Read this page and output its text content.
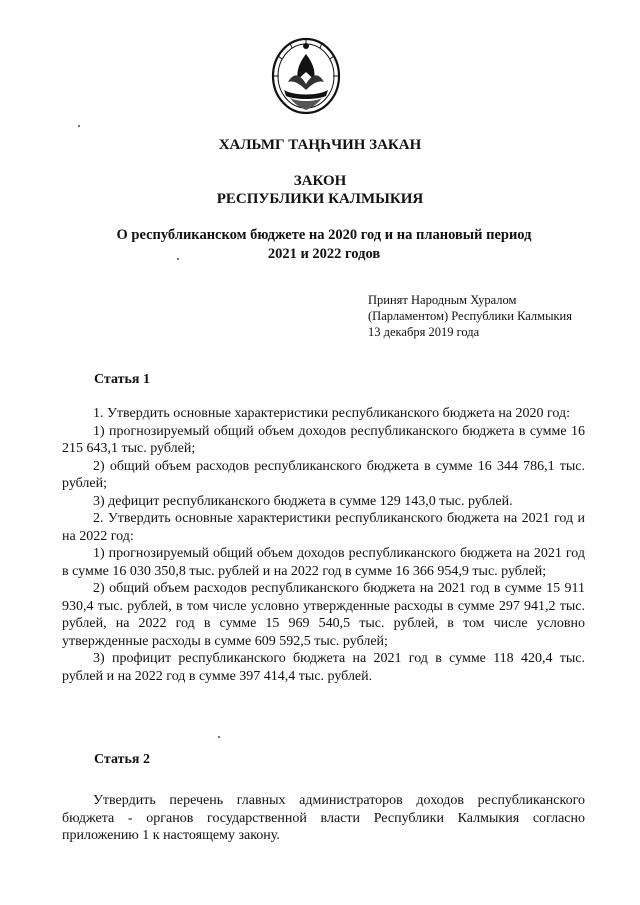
ХАЛЬМГ ТАҢҺЧИН ЗАКАН
ЗАКОН
РЕСПУБЛИКИ КАЛМЫКИЯ
О республиканском бюджете на 2020 год и на плановый период
2021 и 2022 годов
Принят Народным Хуралом
(Парламентом) Республики Калмыкия
13 декабря 2019 года
Статья 1

1. Утвердить основные характеристики республиканского бюджета на 2020 год:

1) прогнозируемый общий объем доходов республиканского бюджета в сумме 16 215 643,1 тыс. рублей;

2) общий объем расходов республиканского бюджета в сумме 16 344 786,1 тыс. рублей;

3) дефицит республиканского бюджета в сумме 129 143,0 тыс. рублей.

2. Утвердить основные характеристики республиканского бюджета на 2021 год и на 2022 год:

1) прогнозируемый общий объем доходов республиканского бюджета на 2021 год в сумме 16 030 350,8 тыс. рублей и на 2022 год в сумме 16 366 954,9 тыс. рублей;

2) общий объем расходов республиканского бюджета на 2021 год в сумме 15 911 930,4 тыс. рублей, в том числе условно утвержденные расходы в сумме 297 941,2 тыс. рублей, на 2022 год в сумме 15 969 540,5 тыс. рублей, в том числе условно утвержденные расходы в сумме 609 592,5 тыс. рублей;

3) профицит республиканского бюджета на 2021 год в сумме 118 420,4 тыс. рублей и на 2022 год в сумме 397 414,4 тыс. рублей.

Статья 2

Утвердить перечень главных администраторов доходов республиканского бюджета - органов государственной власти Республики Калмыкия согласно приложению 1 к настоящему закону.
